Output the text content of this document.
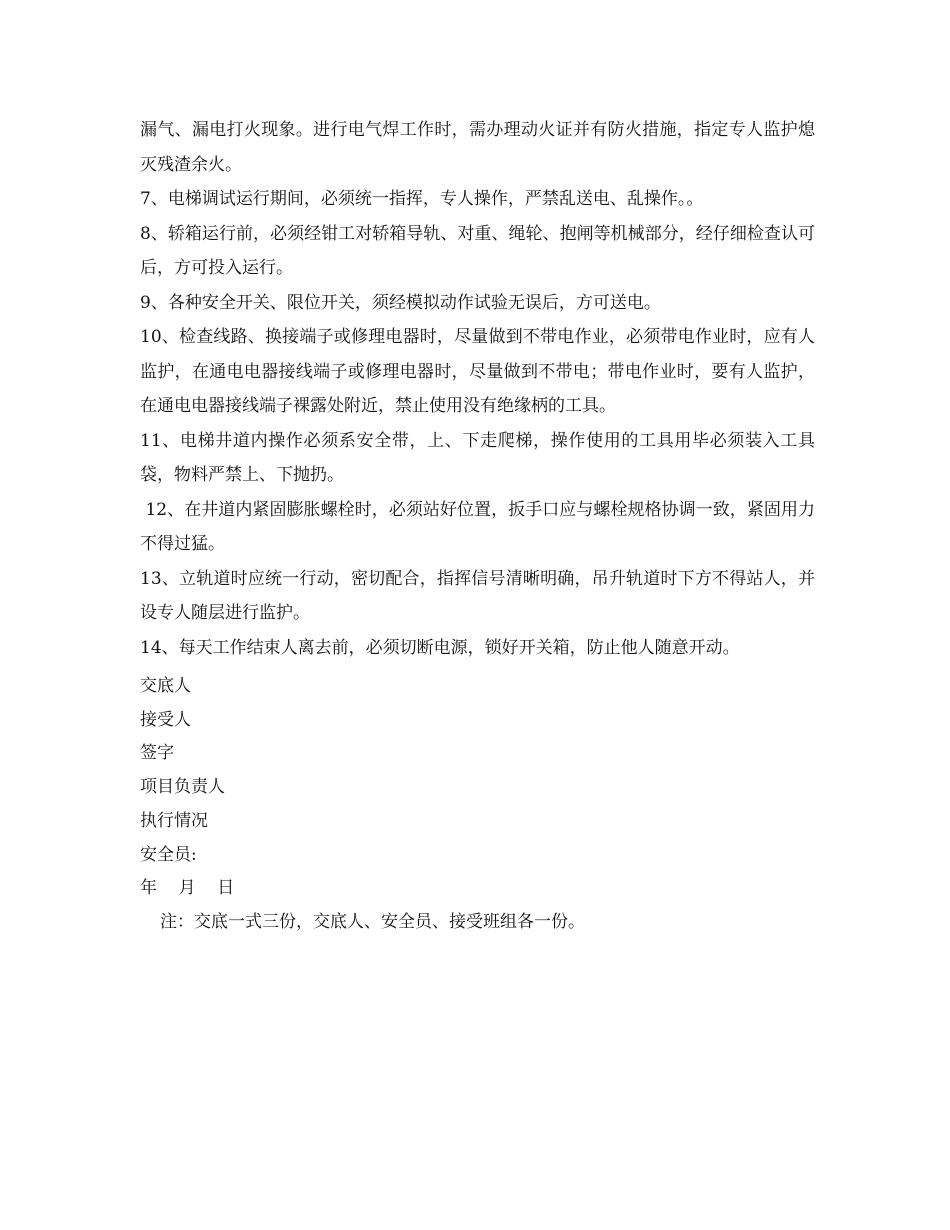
漏气、漏电打火现象。进行电气焊工作时，需办理动火证并有防火措施，指定专人监护熄灭残渣余火。

7、电梯调试运行期间，必须统一指挥，专人操作，严禁乱送电、乱操作。。

8、轿箱运行前，必须经钳工对轿箱导轨、对重、绳轮、抱闸等机械部分，经仔细检查认可后，方可投入运行。

9、各种安全开关、限位开关，须经模拟动作试验无误后，方可送电。

10、检查线路、换接端子或修理电器时，尽量做到不带电作业，必须带电作业时，应有人监护，在通电电器接线端子或修理电器时，尽量做到不带电；带电作业时，要有人监护，在通电电器接线端子裸露处附近，禁止使用没有绝缘柄的工具。

11、电梯井道内操作必须系安全带，上、下走爬梯，操作使用的工具用毕必须装入工具袋，物料严禁上、下抛扔。

12、在井道内紧固膨胀螺栓时，必须站好位置，扳手口应与螺栓规格协调一致，紧固用力不得过猛。

13、立轨道时应统一行动，密切配合，指挥信号清晰明确，吊升轨道时下方不得站人，并设专人随层进行监护。

14、每天工作结束人离去前，必须切断电源，锁好开关箱，防止他人随意开动。

交底人

接受人

签字

项目负责人

执行情况

安全员:

年    月    日

注：交底一式三份，交底人、安全员、接受班组各一份。
